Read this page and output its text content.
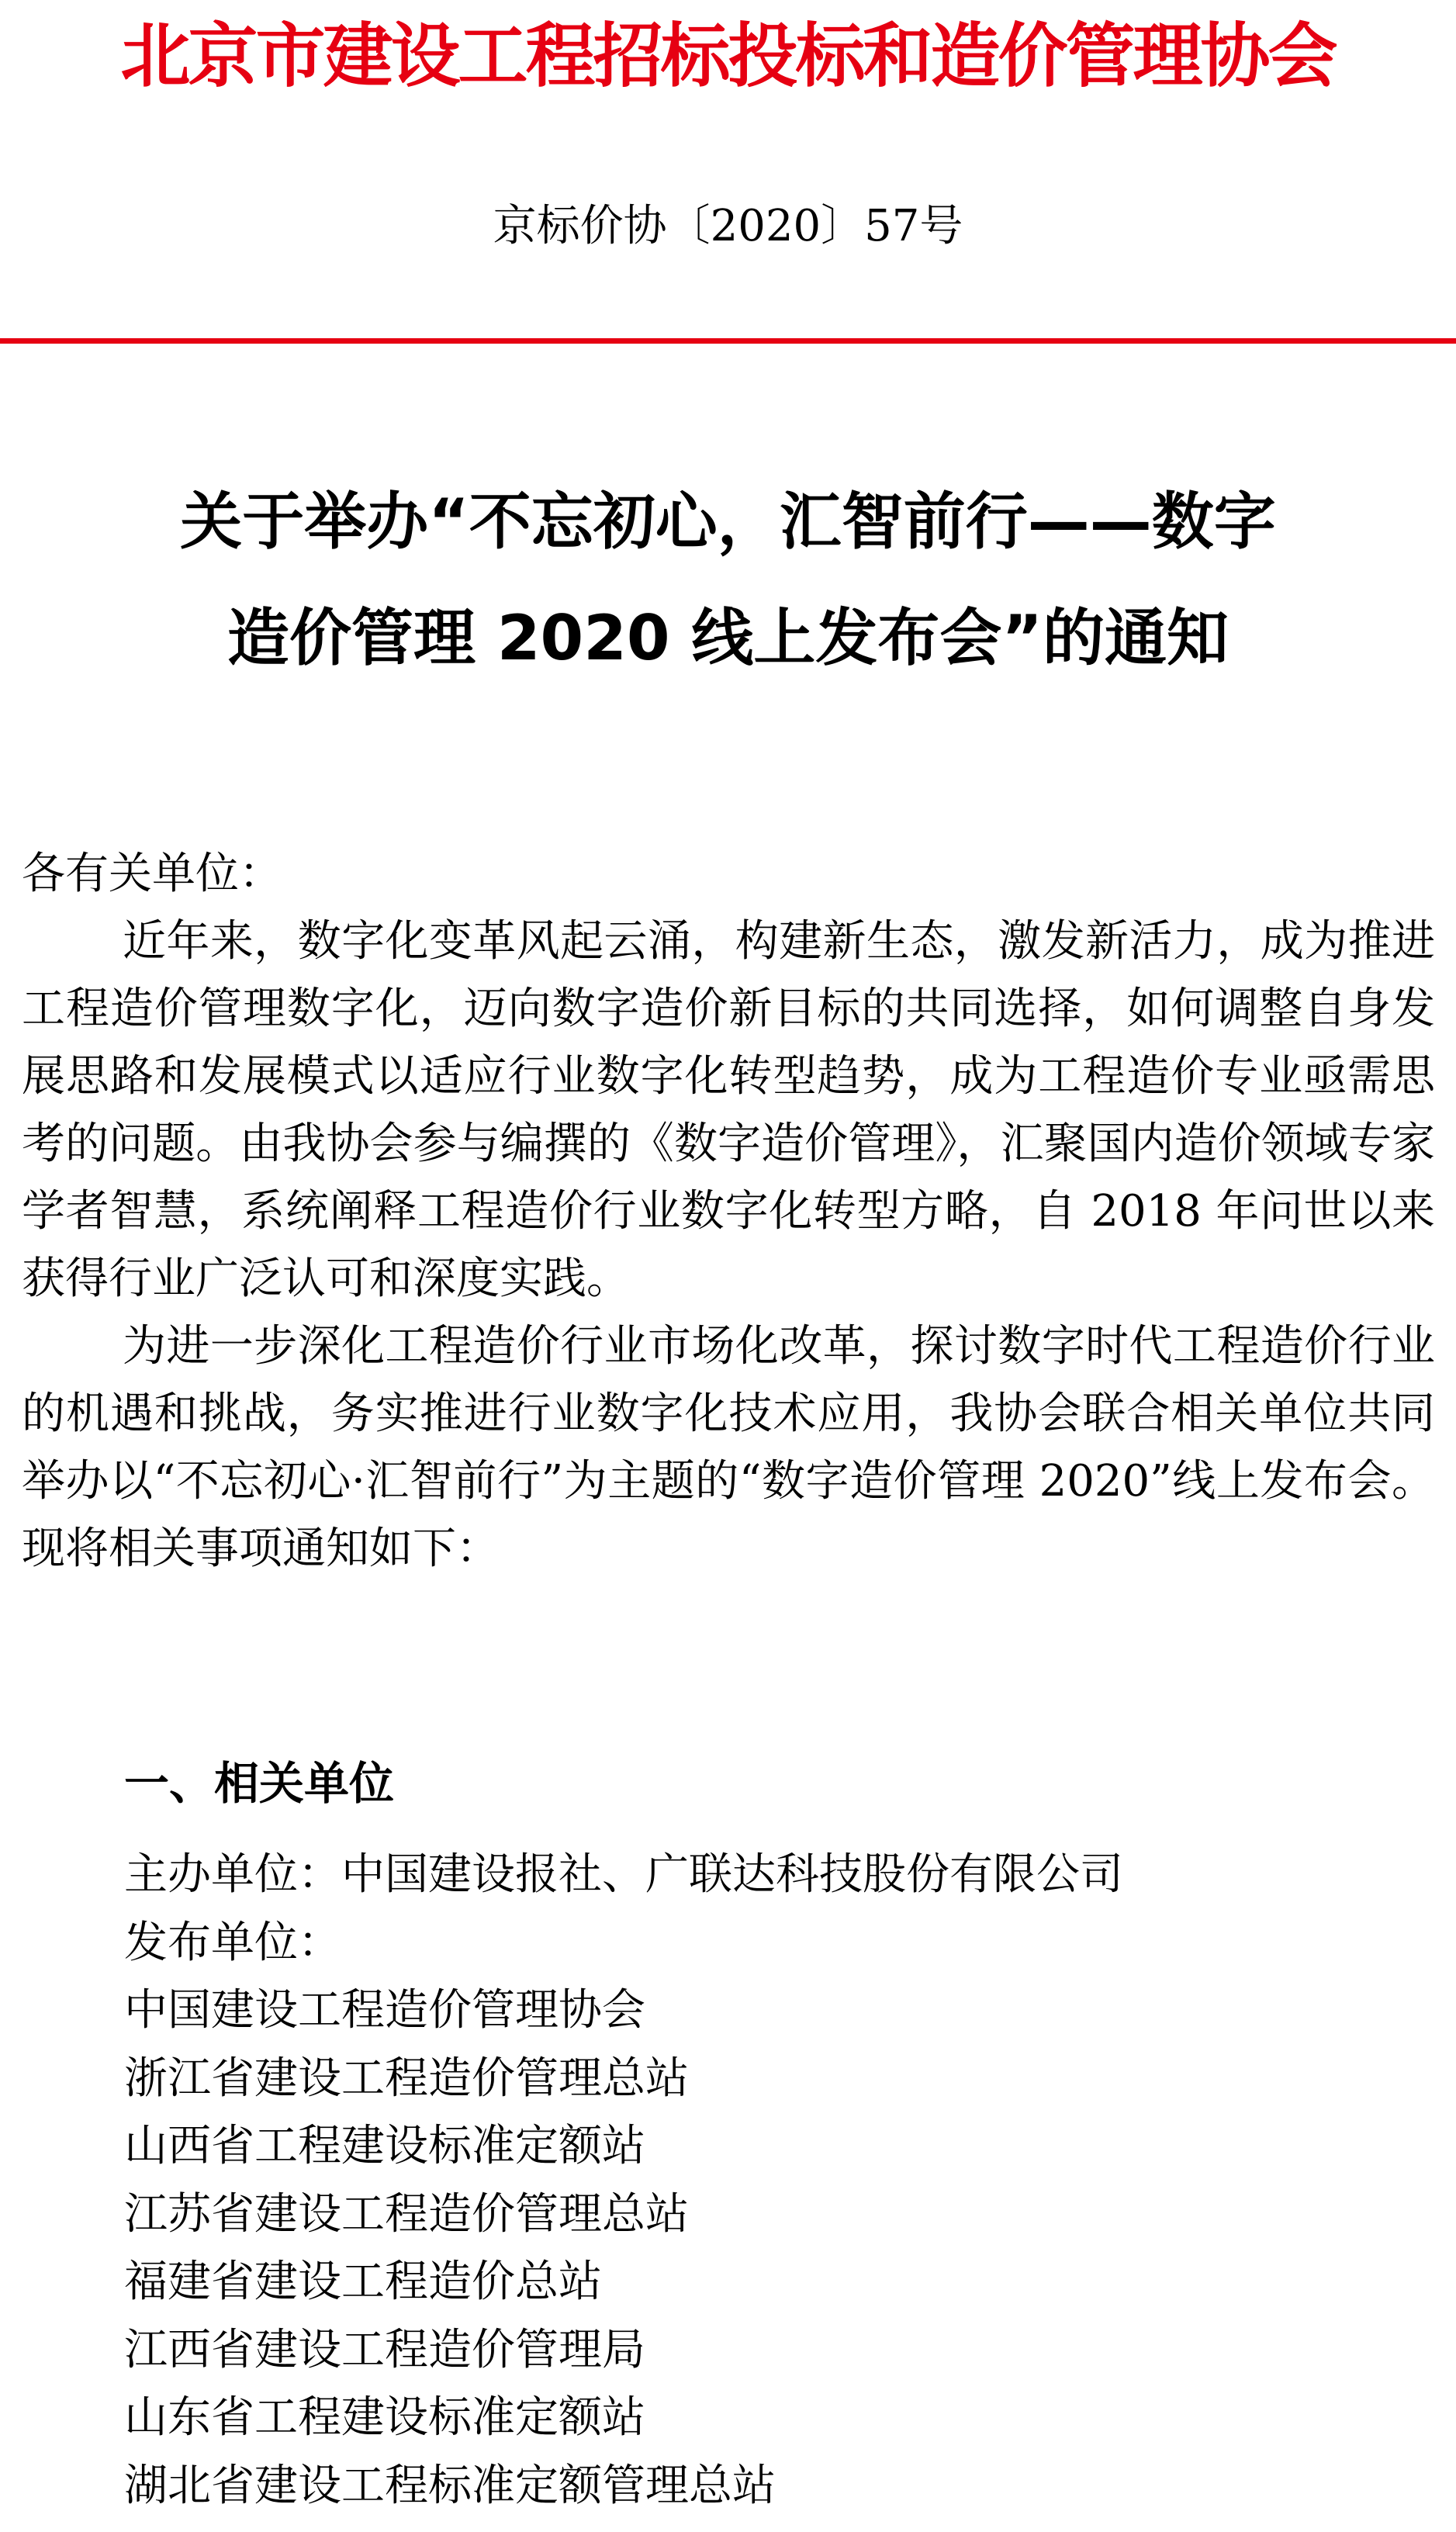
北京市建设工程招标投标和造价管理协会
京标价协〔2020〕57号
关于举办“不忘初心，汇智前行——数字
造价管理 2020 线上发布会”的通知

各有关单位：

近年来，数字化变革风起云涌，构建新生态，激发新活力，成为推进工程造价管理数字化，迈向数字造价新目标的共同选择，如何调整自身发展思路和发展模式以适应行业数字化转型趋势，成为工程造价专业亟需思考的问题。由我协会参与编撰的《数字造价管理》，汇聚国内造价领域专家学者智慧，系统阐释工程造价行业数字化转型方略，自 2018 年问世以来获得行业广泛认可和深度实践。

为进一步深化工程造价行业市场化改革，探讨数字时代工程造价行业的机遇和挑战，务实推进行业数字化技术应用，我协会联合相关单位共同举办以“不忘初心·汇智前行”为主题的“数字造价管理 2020”线上发布会。现将相关事项通知如下：

一、相关单位
主办单位：中国建设报社、广联达科技股份有限公司
发布单位：
中国建设工程造价管理协会
浙江省建设工程造价管理总站
山西省工程建设标准定额站
江苏省建设工程造价管理总站
福建省建设工程造价总站
江西省建设工程造价管理局
山东省工程建设标准定额站
湖北省建设工程标准定额管理总站
